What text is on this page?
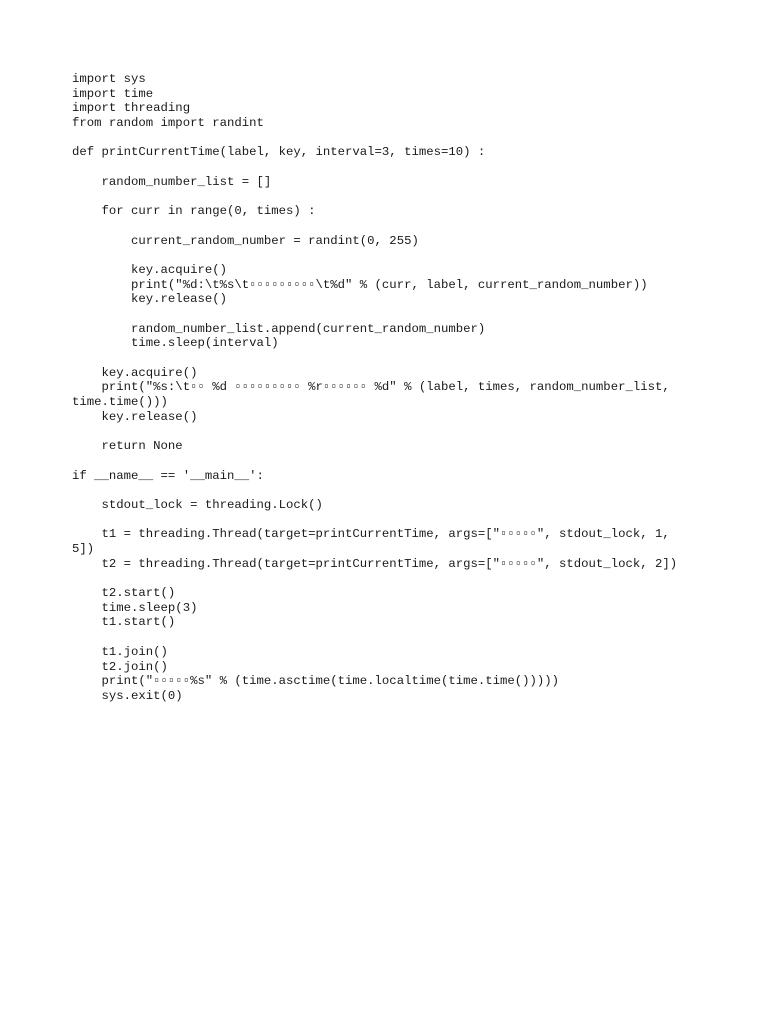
import sys
import time
import threading
from random import randint
def printCurrentTime(label, key, interval=3, times=10) :
random_number_list = []
for curr in range(0, times) :
current_random_number = randint(0, 255)
key.acquire()
print("%d:\t%s\t▫▫▫▫▫▫▫▫▫\t%d" % (curr, label, current_random_number))
key.release()
random_number_list.append(current_random_number)
time.sleep(interval)
key.acquire()
print("%s:\t▫▫ %d ▫▫▫▫▫▫▫▫▫ %r▫▫▫▫▫▫ %d" % (label, times, random_number_list,
time.time()))
key.release()
return None
if __name__ == '__main__':
stdout_lock = threading.Lock()
t1 = threading.Thread(target=printCurrentTime, args=["▫▫▫▫▫", stdout_lock, 1,
5])
t2 = threading.Thread(target=printCurrentTime, args=["▫▫▫▫▫", stdout_lock, 2])
t2.start()
time.sleep(3)
t1.start()
t1.join()
t2.join()
print("▫▫▫▫▫%s" % (time.asctime(time.localtime(time.time()))))
sys.exit(0)
